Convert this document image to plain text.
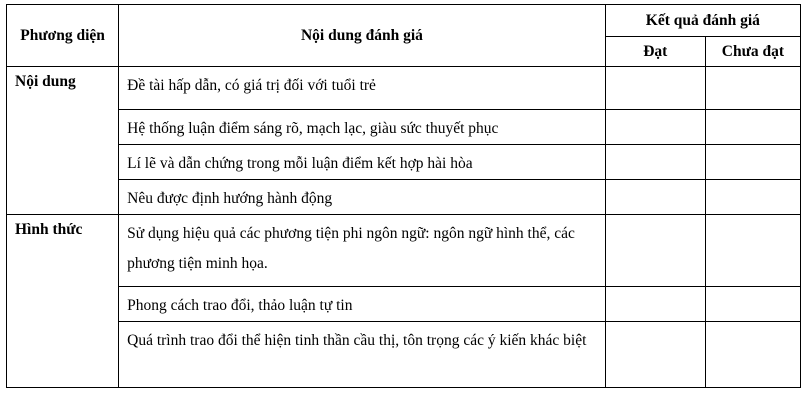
Phương diện	Nội dung đánh giá	Kết quả đánh giá	
		Đạt	Chưa đạt
Nội dung	Đề tài hấp dẫn, có giá trị đối với tuổi trẻ		
	Hệ thống luận điểm sáng rõ, mạch lạc, giàu sức thuyết phục		
	Lí lẽ và dẫn chứng trong mỗi luận điểm kết hợp hài hòa		
	Nêu được định hướng hành động		
Hình thức	Sử dụng hiệu quả các phương tiện phi ngôn ngữ: ngôn ngữ hình thể, các phương tiện minh họa.		
	Phong cách trao đổi, thảo luận tự tin		
	Quá trình trao đổi thể hiện tinh thần cầu thị, tôn trọng các ý kiến khác biệt		
